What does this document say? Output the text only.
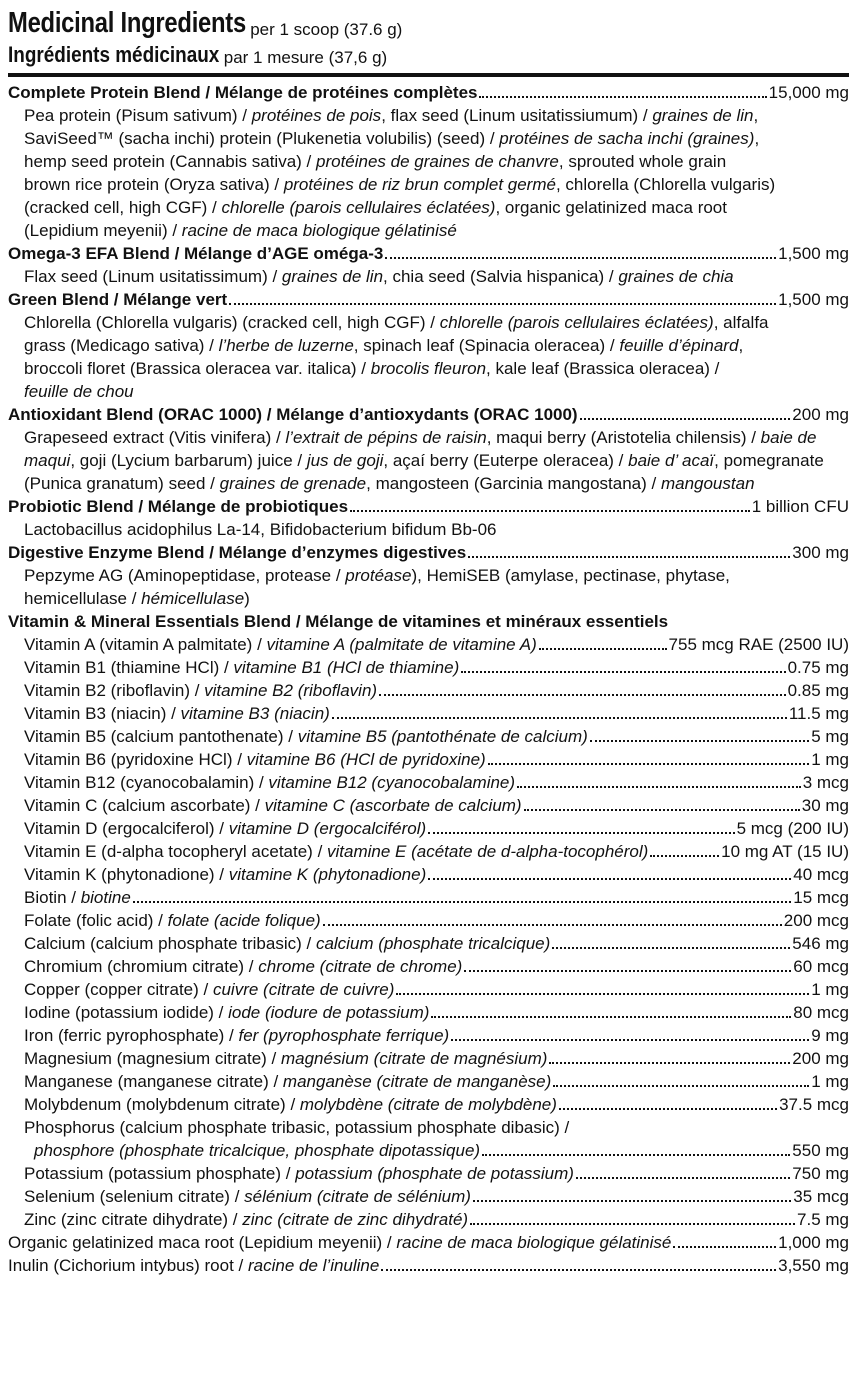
Medicinal Ingredients per 1 scoop (37.6 g)
Ingrédients médicinaux par 1 mesure (37,6 g)
Complete Protein Blend / Mélange de protéines complètes	15,000 mg
Pea protein (Pisum sativum) / protéines de pois, flax seed (Linum usitatissiumum) / graines de lin,
SaviSeed™ (sacha inchi) protein (Plukenetia volubilis) (seed) / protéines de sacha inchi (graines),
hemp seed protein (Cannabis sativa) / protéines de graines de chanvre, sprouted whole grain
brown rice protein (Oryza sativa) / protéines de riz brun complet germé, chlorella (Chlorella vulgaris)
(cracked cell, high CGF) / chlorelle (parois cellulaires éclatées), organic gelatinized maca root
(Lepidium meyenii) / racine de maca biologique gélatinisé
Omega-3 EFA Blend / Mélange d’AGE oméga-3	1,500 mg
Flax seed (Linum usitatissimum) / graines de lin, chia seed (Salvia hispanica) / graines de chia
Green Blend / Mélange vert	1,500 mg
Chlorella (Chlorella vulgaris) (cracked cell, high CGF) / chlorelle (parois cellulaires éclatées), alfalfa
grass (Medicago sativa) / l’herbe de luzerne, spinach leaf (Spinacia oleracea) / feuille d’épinard,
broccoli floret (Brassica oleracea var. italica) / brocolis fleuron, kale leaf (Brassica oleracea) /
feuille de chou
Antioxidant Blend (ORAC 1000) / Mélange d’antioxydants (ORAC 1000)	200 mg
Grapeseed extract (Vitis vinifera) / l’extrait de pépins de raisin, maqui berry (Aristotelia chilensis) / baie de
maqui, goji (Lycium barbarum) juice / jus de goji, açaí berry (Euterpe oleracea) / baie d’ acaï, pomegranate
(Punica granatum) seed / graines de grenade, mangosteen (Garcinia mangostana) / mangoustan
Probiotic Blend / Mélange de probiotiques	1 billion CFU
Lactobacillus acidophilus La-14, Bifidobacterium bifidum Bb-06
Digestive Enzyme Blend / Mélange d’enzymes digestives	300 mg
Pepzyme AG (Aminopeptidase, protease / protéase), HemiSEB (amylase, pectinase, phytase,
hemicellulase / hémicellulase)
Vitamin & Mineral Essentials Blend / Mélange de vitamines et minéraux essentiels
Vitamin A (vitamin A palmitate) / vitamine A (palmitate de vitamine A)	755 mcg RAE (2500 IU)
Vitamin B1 (thiamine HCl) / vitamine B1 (HCl de thiamine)	0.75 mg
Vitamin B2 (riboflavin) / vitamine B2 (riboflavin)	0.85 mg
Vitamin B3 (niacin) / vitamine B3 (niacin)	11.5 mg
Vitamin B5 (calcium pantothenate) / vitamine B5 (pantothénate de calcium)	5 mg
Vitamin B6 (pyridoxine HCl) / vitamine B6 (HCl de pyridoxine)	1 mg
Vitamin B12 (cyanocobalamin) / vitamine B12 (cyanocobalamine)	3 mcg
Vitamin C (calcium ascorbate) / vitamine C (ascorbate de calcium)	30 mg
Vitamin D (ergocalciferol) / vitamine D (ergocalciférol)	5 mcg (200 IU)
Vitamin E (d-alpha tocopheryl acetate) / vitamine E (acétate de d-alpha-tocophérol)	10 mg AT (15 IU)
Vitamin K (phytonadione) / vitamine K (phytonadione)	40 mcg
Biotin / biotine	15 mcg
Folate (folic acid) / folate (acide folique)	200 mcg
Calcium (calcium phosphate tribasic) / calcium (phosphate tricalcique)	546 mg
Chromium (chromium citrate) / chrome (citrate de chrome)	60 mcg
Copper (copper citrate) / cuivre (citrate de cuivre)	1 mg
Iodine (potassium iodide) / iode (iodure de potassium)	80 mcg
Iron (ferric pyrophosphate) / fer (pyrophosphate ferrique)	9 mg
Magnesium (magnesium citrate) / magnésium (citrate de magnésium)	200 mg
Manganese (manganese citrate) / manganèse (citrate de manganèse)	1 mg
Molybdenum (molybdenum citrate) / molybdène (citrate de molybdène)	37.5 mcg
Phosphorus (calcium phosphate tribasic, potassium phosphate dibasic) /
phosphore (phosphate tricalcique, phosphate dipotassique)	550 mg
Potassium (potassium phosphate) / potassium (phosphate de potassium)	750 mg
Selenium (selenium citrate) / sélénium (citrate de sélénium)	35 mcg
Zinc (zinc citrate dihydrate) / zinc (citrate de zinc dihydraté)	7.5 mg
Organic gelatinized maca root (Lepidium meyenii) / racine de maca biologique gélatinisé	1,000 mg
Inulin (Cichorium intybus) root / racine de l’inuline	3,550 mg
